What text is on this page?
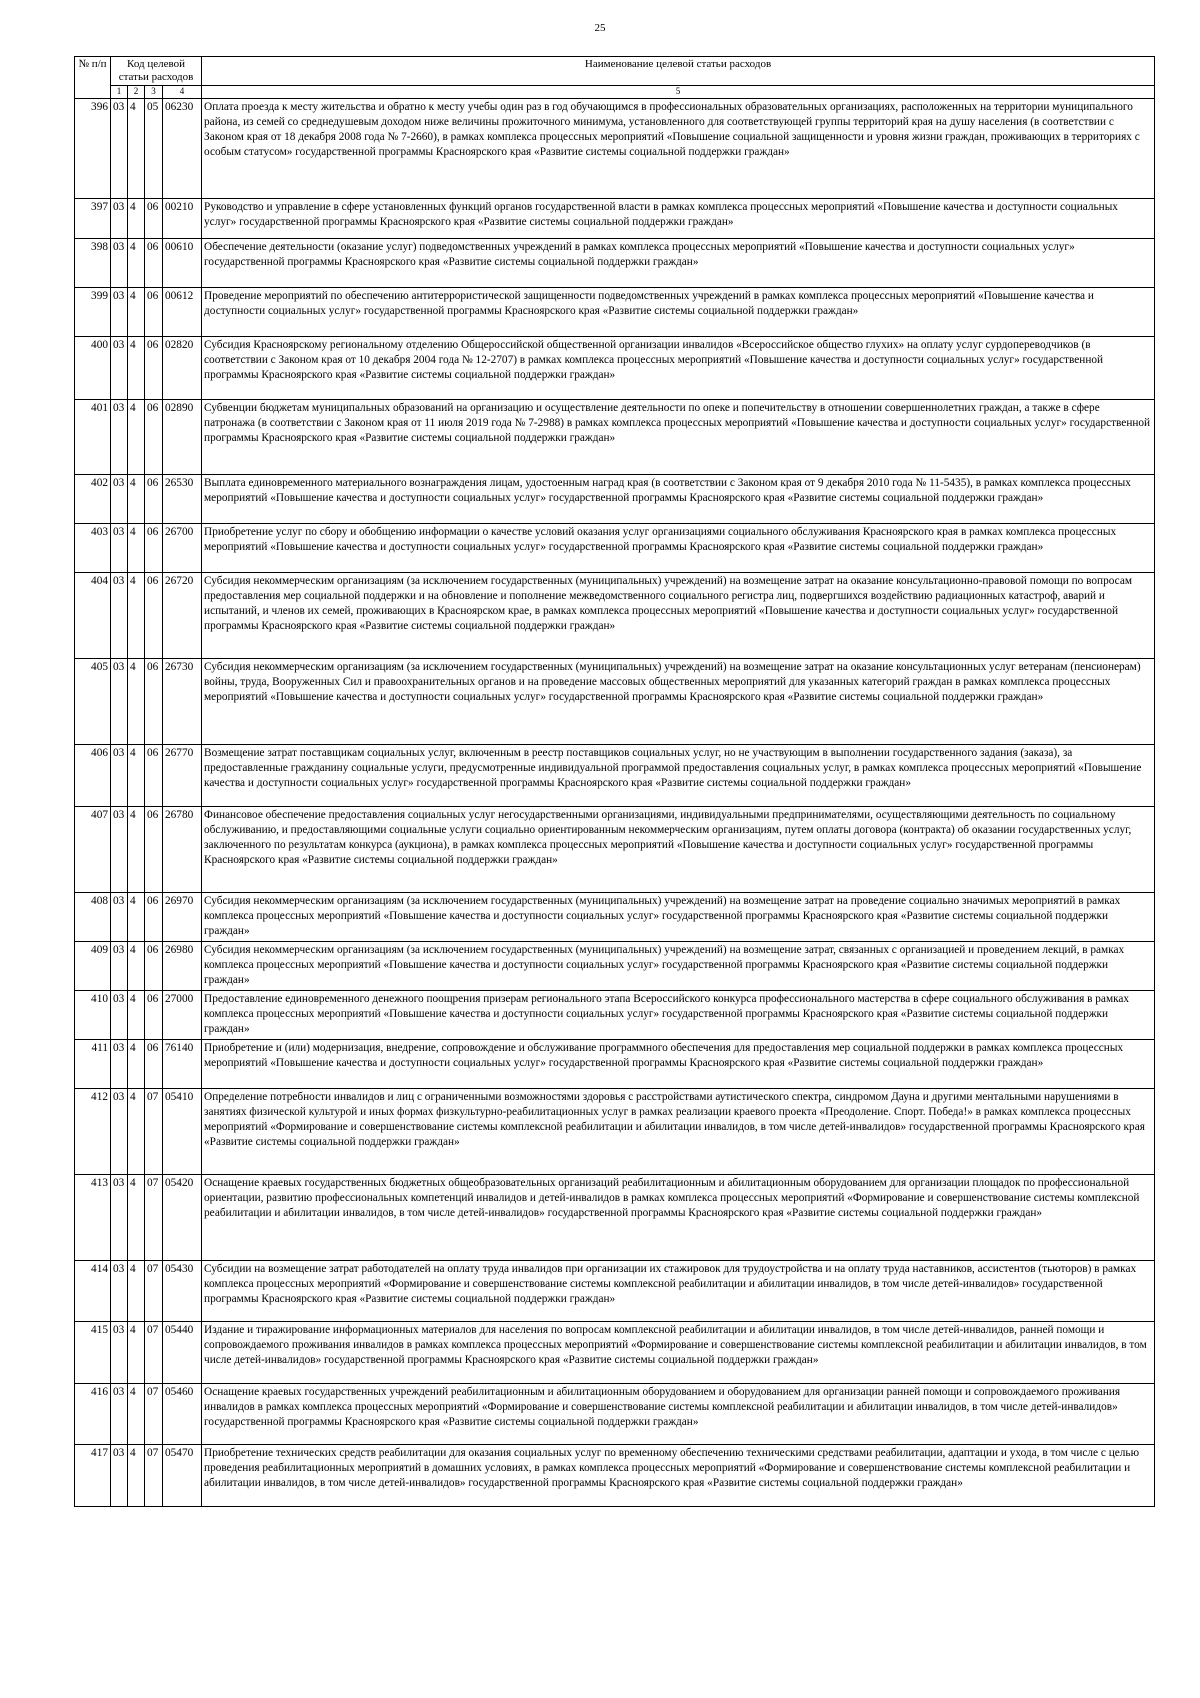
25
№ п/п	Код целевой статьи расходов				Наименование целевой статьи расходов
	1	2	3	4	5
396	03	4	05	06230	Оплата проезда к месту жительства и обратно к месту учебы один раз в год обучающимся в профессиональных образовательных организациях, расположенных на территории муниципального района, из семей со среднедушевым доходом ниже величины прожиточного минимума, установленного для соответствующей группы территорий края на душу населения (в соответствии с Законом края от 18 декабря 2008 года № 7-2660), в рамках комплекса процессных мероприятий «Повышение социальной защищенности и уровня жизни граждан, проживающих в территориях с особым статусом» государственной программы Красноярского края «Развитие системы социальной поддержки граждан»
397	03	4	06	00210	Руководство и управление в сфере установленных функций органов государственной власти в рамках комплекса процессных мероприятий «Повышение качества и доступности социальных услуг» государственной программы Красноярского края «Развитие системы социальной поддержки граждан»
398	03	4	06	00610	Обеспечение деятельности (оказание услуг) подведомственных учреждений в рамках комплекса процессных мероприятий «Повышение качества и доступности социальных услуг» государственной программы Красноярского края «Развитие системы социальной поддержки граждан»
399	03	4	06	00612	Проведение мероприятий по обеспечению антитеррористической защищенности подведомственных учреждений в рамках комплекса процессных мероприятий «Повышение качества и доступности социальных услуг» государственной программы Красноярского края «Развитие системы социальной поддержки граждан»
400	03	4	06	02820	Субсидия Красноярскому региональному отделению Общероссийской общественной организации инвалидов «Всероссийское общество глухих» на оплату услуг сурдопереводчиков (в соответствии с Законом края от 10 декабря 2004 года № 12-2707) в рамках комплекса процессных мероприятий «Повышение качества и доступности социальных услуг» государственной программы Красноярского края «Развитие системы социальной поддержки граждан»
401	03	4	06	02890	Субвенции бюджетам муниципальных образований на организацию и осуществление деятельности по опеке и попечительству в отношении совершеннолетних граждан, а также в сфере патронажа (в соответствии с Законом края от 11 июля 2019 года № 7-2988) в рамках комплекса процессных мероприятий «Повышение качества и доступности социальных услуг» государственной программы Красноярского края «Развитие системы социальной поддержки граждан»
402	03	4	06	26530	Выплата единовременного материального вознаграждения лицам, удостоенным наград края (в соответствии с Законом края от 9 декабря 2010 года № 11-5435), в рамках комплекса процессных мероприятий «Повышение качества и доступности социальных услуг» государственной программы Красноярского края «Развитие системы социальной поддержки граждан»
403	03	4	06	26700	Приобретение услуг по сбору и обобщению информации о качестве условий оказания услуг организациями социального обслуживания Красноярского края в рамках комплекса процессных мероприятий «Повышение качества и доступности социальных услуг» государственной программы Красноярского края «Развитие системы социальной поддержки граждан»
404	03	4	06	26720	Субсидия некоммерческим организациям (за исключением государственных (муниципальных) учреждений) на возмещение затрат на оказание консультационно-правовой помощи по вопросам предоставления мер социальной поддержки и на обновление и пополнение межведомственного социального регистра лиц, подвергшихся воздействию радиационных катастроф, аварий и испытаний, и членов их семей, проживающих в Красноярском крае, в рамках комплекса процессных мероприятий «Повышение качества и доступности социальных услуг» государственной программы Красноярского края «Развитие системы социальной поддержки граждан»
405	03	4	06	26730	Субсидия некоммерческим организациям (за исключением государственных (муниципальных) учреждений) на возмещение затрат на оказание консультационных услуг ветеранам (пенсионерам) войны, труда, Вооруженных Сил и правоохранительных органов и на проведение массовых общественных мероприятий для указанных категорий граждан в рамках комплекса процессных мероприятий «Повышение качества и доступности социальных услуг» государственной программы Красноярского края «Развитие системы социальной поддержки граждан»
406	03	4	06	26770	Возмещение затрат поставщикам социальных услуг, включенным в реестр поставщиков социальных услуг, но не участвующим в выполнении государственного задания (заказа), за предоставленные гражданину социальные услуги, предусмотренные индивидуальной программой предоставления социальных услуг, в рамках комплекса процессных мероприятий «Повышение качества и доступности социальных услуг» государственной программы Красноярского края «Развитие системы социальной поддержки граждан»
407	03	4	06	26780	Финансовое обеспечение предоставления социальных услуг негосударственными организациями, индивидуальными предпринимателями, осуществляющими деятельность по социальному обслуживанию, и предоставляющими социальные услуги социально ориентированным некоммерческим организациям, путем оплаты договора (контракта) об оказании государственных услуг, заключенного по результатам конкурса (аукциона), в рамках комплекса процессных мероприятий «Повышение качества и доступности социальных услуг» государственной программы Красноярского края «Развитие системы социальной поддержки граждан»
408	03	4	06	26970	Субсидия некоммерческим организациям (за исключением государственных (муниципальных) учреждений) на возмещение затрат на проведение социально значимых мероприятий в рамках комплекса процессных мероприятий «Повышение качества и доступности социальных услуг» государственной программы Красноярского края «Развитие системы социальной поддержки граждан»
409	03	4	06	26980	Субсидия некоммерческим организациям (за исключением государственных (муниципальных) учреждений) на возмещение затрат, связанных с организацией и проведением лекций, в рамках комплекса процессных мероприятий «Повышение качества и доступности социальных услуг» государственной программы Красноярского края «Развитие системы социальной поддержки граждан»
410	03	4	06	27000	Предоставление единовременного денежного поощрения призерам регионального этапа Всероссийского конкурса профессионального мастерства в сфере социального обслуживания в рамках комплекса процессных мероприятий «Повышение качества и доступности социальных услуг» государственной программы Красноярского края «Развитие системы социальной поддержки граждан»
411	03	4	06	76140	Приобретение и (или) модернизация, внедрение, сопровождение и обслуживание программного обеспечения для предоставления мер социальной поддержки в рамках комплекса процессных мероприятий «Повышение качества и доступности социальных услуг» государственной программы Красноярского края «Развитие системы социальной поддержки граждан»
412	03	4	07	05410	Определение потребности инвалидов и лиц с ограниченными возможностями здоровья с расстройствами аутистического спектра, синдромом Дауна и другими ментальными нарушениями в занятиях физической культурой и иных формах физкультурно-реабилитационных услуг в рамках реализации краевого проекта «Преодоление. Спорт. Победа!» в рамках комплекса процессных мероприятий «Формирование и совершенствование системы комплексной реабилитации и абилитации инвалидов, в том числе детей-инвалидов» государственной программы Красноярского края «Развитие системы социальной поддержки граждан»
413	03	4	07	05420	Оснащение краевых государственных бюджетных общеобразовательных организаций реабилитационным и абилитационным оборудованием для организации площадок по профессиональной ориентации, развитию профессиональных компетенций инвалидов и детей-инвалидов в рамках комплекса процессных мероприятий «Формирование и совершенствование системы комплексной реабилитации и абилитации инвалидов, в том числе детей-инвалидов» государственной программы Красноярского края «Развитие системы социальной поддержки граждан»
414	03	4	07	05430	Субсидии на возмещение затрат работодателей на оплату труда инвалидов при организации их стажировок для трудоустройства и на оплату труда наставников, ассистентов (тьюторов) в рамках комплекса процессных мероприятий «Формирование и совершенствование системы комплексной реабилитации и абилитации инвалидов, в том числе детей-инвалидов» государственной программы Красноярского края «Развитие системы социальной поддержки граждан»
415	03	4	07	05440	Издание и тиражирование информационных материалов для населения по вопросам комплексной реабилитации и абилитации инвалидов, в том числе детей-инвалидов, ранней помощи и сопровождаемого проживания инвалидов в рамках комплекса процессных мероприятий «Формирование и совершенствование системы комплексной реабилитации и абилитации инвалидов, в том числе детей-инвалидов» государственной программы Красноярского края «Развитие системы социальной поддержки граждан»
416	03	4	07	05460	Оснащение краевых государственных учреждений реабилитационным и абилитационным оборудованием и оборудованием для организации ранней помощи и сопровождаемого проживания инвалидов в рамках комплекса процессных мероприятий «Формирование и совершенствование системы комплексной реабилитации и абилитации инвалидов, в том числе детей-инвалидов» государственной программы Красноярского края «Развитие системы социальной поддержки граждан»
417	03	4	07	05470	Приобретение технических средств реабилитации для оказания социальных услуг по временному обеспечению техническими средствами реабилитации, адаптации и ухода, в том числе с целью проведения реабилитационных мероприятий в домашних условиях, в рамках комплекса процессных мероприятий «Формирование и совершенствование системы комплексной реабилитации и абилитации инвалидов, в том числе детей-инвалидов» государственной программы Красноярского края «Развитие системы социальной поддержки граждан»
